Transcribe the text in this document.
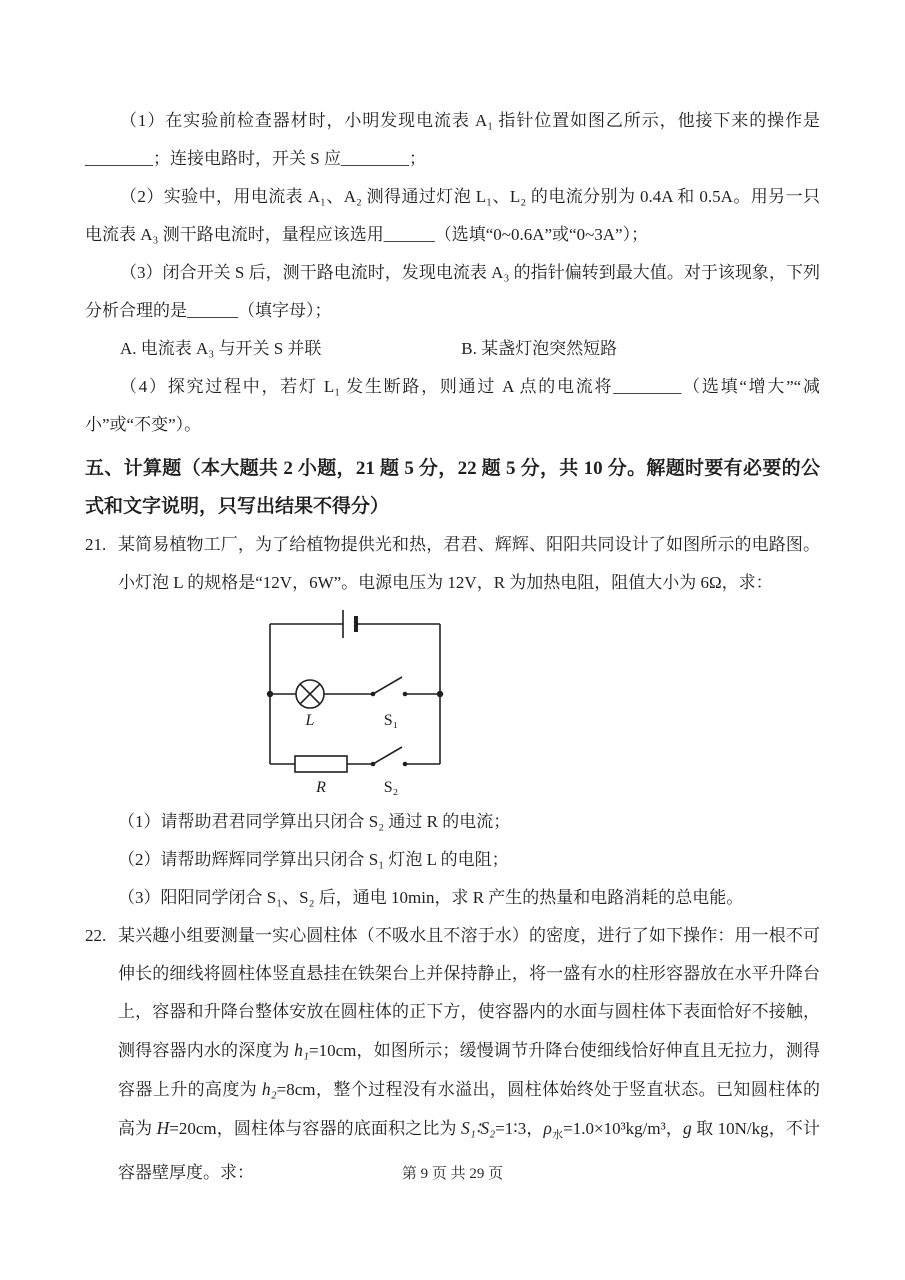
（1）在实验前检查器材时，小明发现电流表 A₁ 指针位置如图乙所示，他接下来的操作是________；连接电路时，开关 S 应________；

（2）实验中，用电流表 A₁、A₂ 测得通过灯泡 L₁、L₂ 的电流分别为 0.4A 和 0.5A。用另一只电流表 A₃ 测干路电流时，量程应该选用______（选填“0~0.6A”或“0~3A”）；

（3）闭合开关 S 后，测干路电流时，发现电流表 A₃ 的指针偏转到最大值。对于该现象，下列分析合理的是______（填字母）；

A. 电流表 A₃ 与开关 S 并联	B. 某盏灯泡突然短路

（4）探究过程中，若灯 L₁ 发生断路，则通过 A 点的电流将________（选填“增大”“减小”或“不变”）。

五、计算题（本大题共 2 小题，21 题 5 分，22 题 5 分，共 10 分。解题时要有必要的公式和文字说明，只写出结果不得分）
21. 某简易植物工厂，为了给植物提供光和热，君君、辉辉、阳阳共同设计了如图所示的电路图。小灯泡 L 的规格是“12V，6W”。电源电压为 12V，R 为加热电阻，阻值大小为 6Ω，求：

L	S₁
R	S₂

（1）请帮助君君同学算出只闭合 S₂ 通过 R 的电流；

（2）请帮助辉辉同学算出只闭合 S₁ 灯泡 L 的电阻；

（3）阳阳同学闭合 S₁、S₂ 后，通电 10min，求 R 产生的热量和电路消耗的总电能。

22. 某兴趣小组要测量一实心圆柱体（不吸水且不溶于水）的密度，进行了如下操作：用一根不可伸长的细线将圆柱体竖直悬挂在铁架台上并保持静止，将一盛有水的柱形容器放在水平升降台上，容器和升降台整体安放在圆柱体的正下方，使容器内的水面与圆柱体下表面恰好不接触，测得容器内水的深度为 h₁=10cm，如图所示；缓慢调节升降台使细线恰好伸直且无拉力，测得容器上升的高度为 h₂=8cm，整个过程没有水溢出，圆柱体始终处于竖直状态。已知圆柱体的高为 H=20cm，圆柱体与容器的底面积之比为 S₁∶S₂=1∶3，$\rho_水=1.0\times 10^3kg/m^3$，g 取 10N/kg，不计容器壁厚度。求：	第 9 页 共 29 页
